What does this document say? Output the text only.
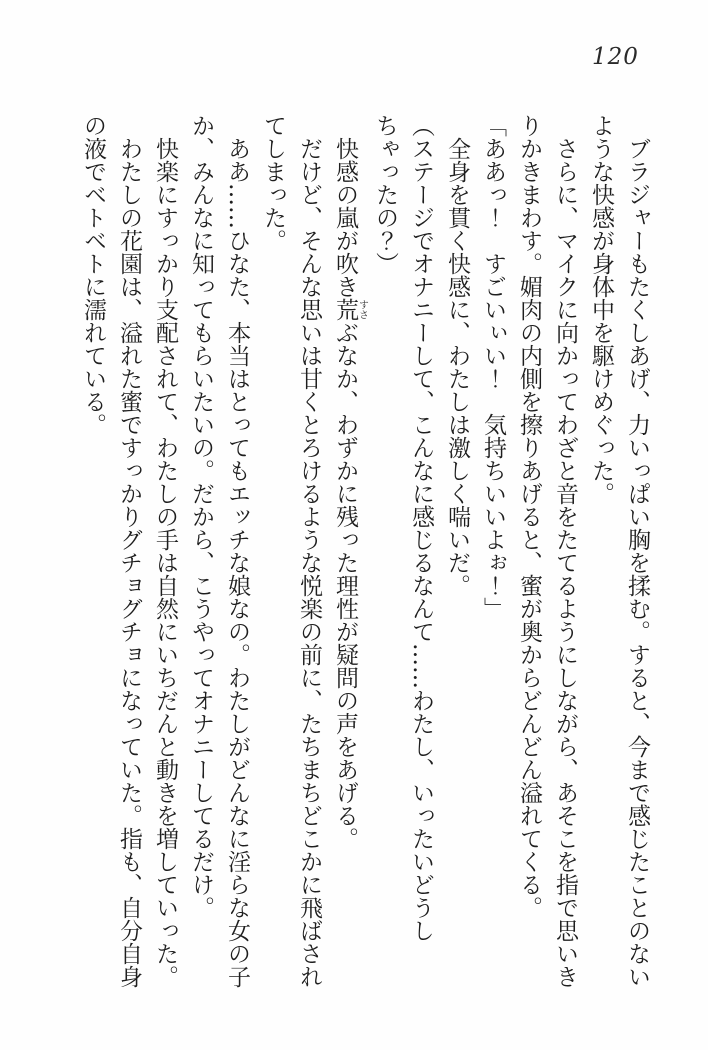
120

ブラジャーもたくしあげ、力いっぱい胸を揉む。すると、今まで感じたことのないような快感が身体中を駆けめぐった。

さらに、マイクに向かってわざと音をたてるようにしながら、あそこを指で思いきりかきまわす。媚肉の内側を擦りあげると、蜜が奥からどんどん溢れてくる。

「ああっ！　すごいぃい！　気持ちいいよぉ！」

全身を貫く快感に、わたしは激しく喘いだ。

（ステージでオナニーして、こんなに感じるなんて……わたし、いったいどうしちゃったの？）

快感の嵐が吹き荒すさぶなか、わずかに残った理性が疑問の声をあげる。

だけど、そんな思いは甘くとろけるような悦楽の前に、たちまちどこかに飛ばされてしまった。

ああ……ひなた、本当はとってもエッチな娘なの。わたしがどんなに淫らな女の子か、みんなに知ってもらいたいの。だから、こうやってオナニーしてるだけ。

快楽にすっかり支配されて、わたしの手は自然にいちだんと動きを増していった。

わたしの花園は、溢れた蜜ですっかりグチョグチョになっていた。指も、自分自身の液でベトベトに濡れている。
